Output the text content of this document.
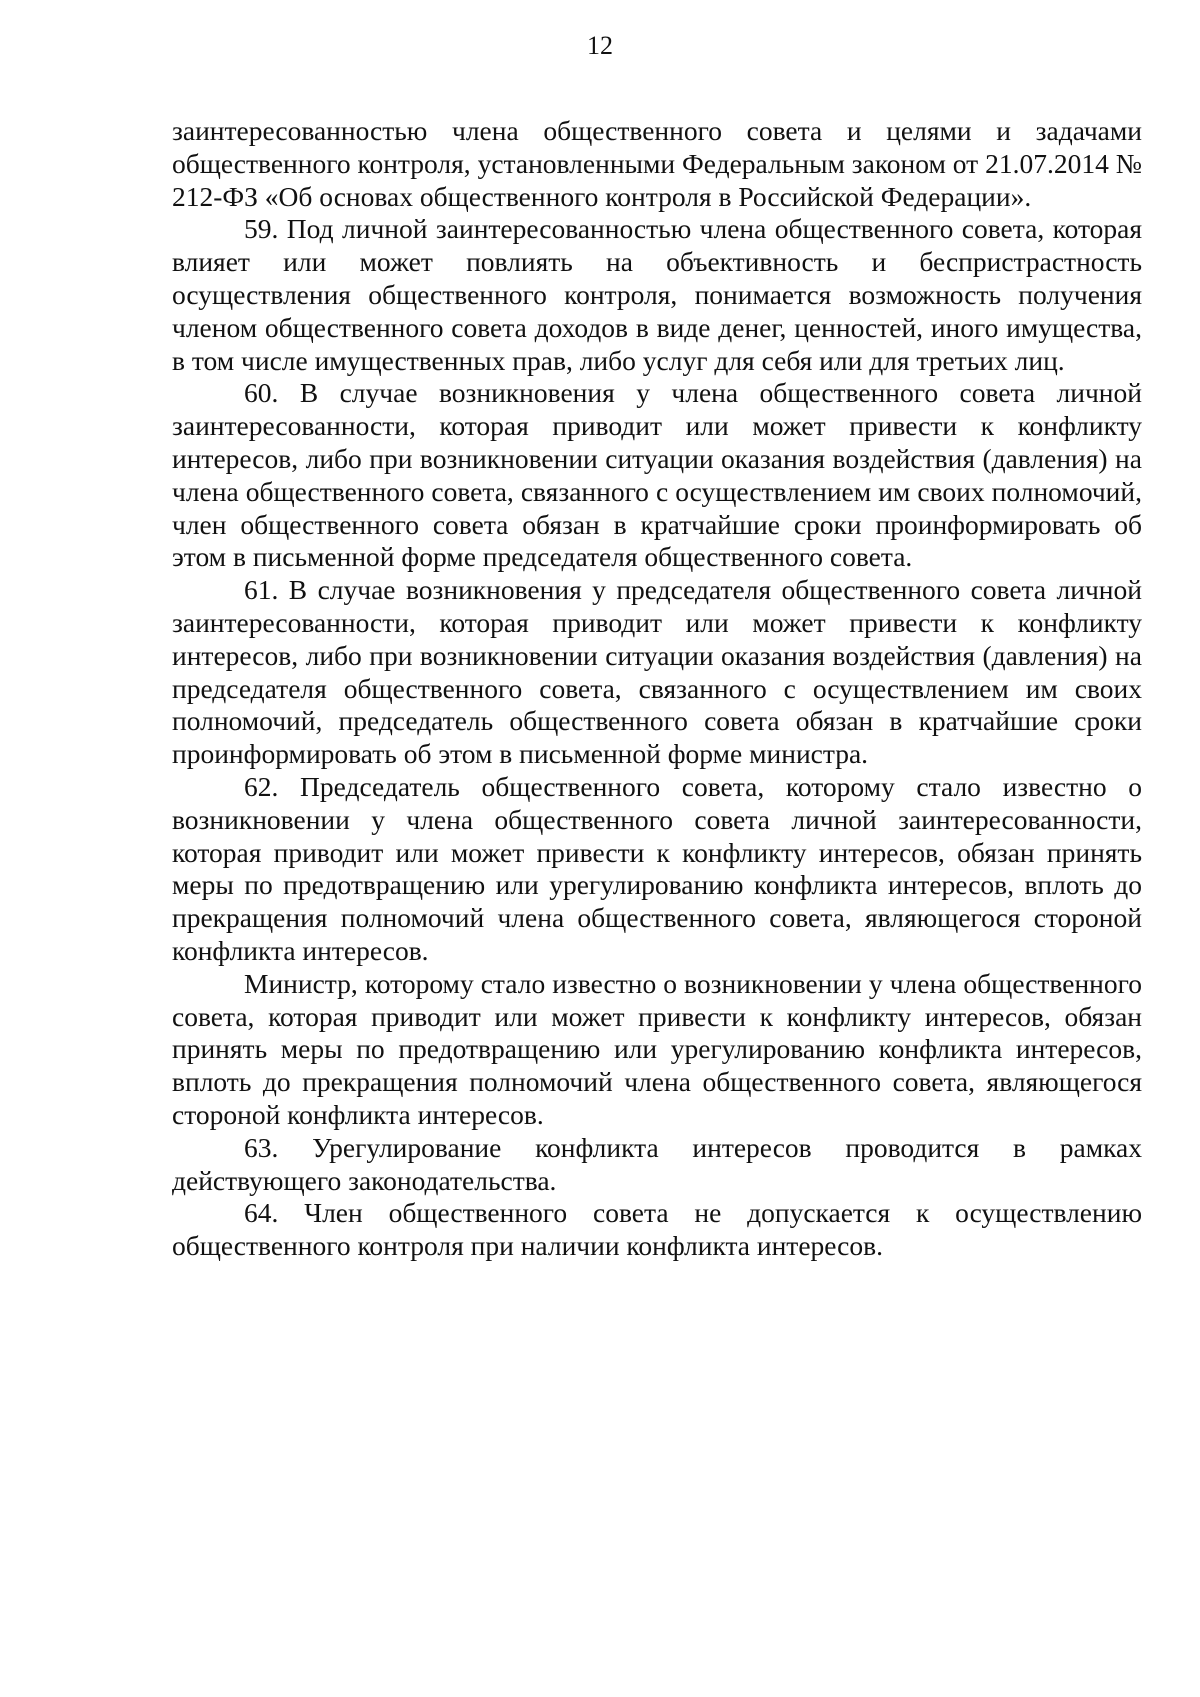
12

заинтересованностью члена общественного совета и целями и задачами общественного контроля, установленными Федеральным законом от 21.07.2014 № 212-ФЗ «Об основах общественного контроля в Российской Федерации».

59. Под личной заинтересованностью члена общественного совета, которая влияет или может повлиять на объективность и беспристрастность осуществления общественного контроля, понимается возможность получения членом общественного совета доходов в виде денег, ценностей, иного имущества, в том числе имущественных прав, либо услуг для себя или для третьих лиц.

60. В случае возникновения у члена общественного совета личной заинтересованности, которая приводит или может привести к конфликту интересов, либо при возникновении ситуации оказания воздействия (давления) на члена общественного совета, связанного с осуществлением им своих полномочий, член общественного совета обязан в кратчайшие сроки проинформировать об этом в письменной форме председателя общественного совета.

61. В случае возникновения у председателя общественного совета личной заинтересованности, которая приводит или может привести к конфликту интересов, либо при возникновении ситуации оказания воздействия (давления) на председателя общественного совета, связанного с осуществлением им своих полномочий, председатель общественного совета обязан в кратчайшие сроки проинформировать об этом в письменной форме министра.

62. Председатель общественного совета, которому стало известно о возникновении у члена общественного совета личной заинтересованности, которая приводит или может привести к конфликту интересов, обязан принять меры по предотвращению или урегулированию конфликта интересов, вплоть до прекращения полномочий члена общественного совета, являющегося стороной конфликта интересов.

Министр, которому стало известно о возникновении у члена общественного совета, которая приводит или может привести к конфликту интересов, обязан принять меры по предотвращению или урегулированию конфликта интересов, вплоть до прекращения полномочий члена общественного совета, являющегося стороной конфликта интересов.

63. Урегулирование конфликта интересов проводится в рамках действующего законодательства.

64. Член общественного совета не допускается к осуществлению общественного контроля при наличии конфликта интересов.
